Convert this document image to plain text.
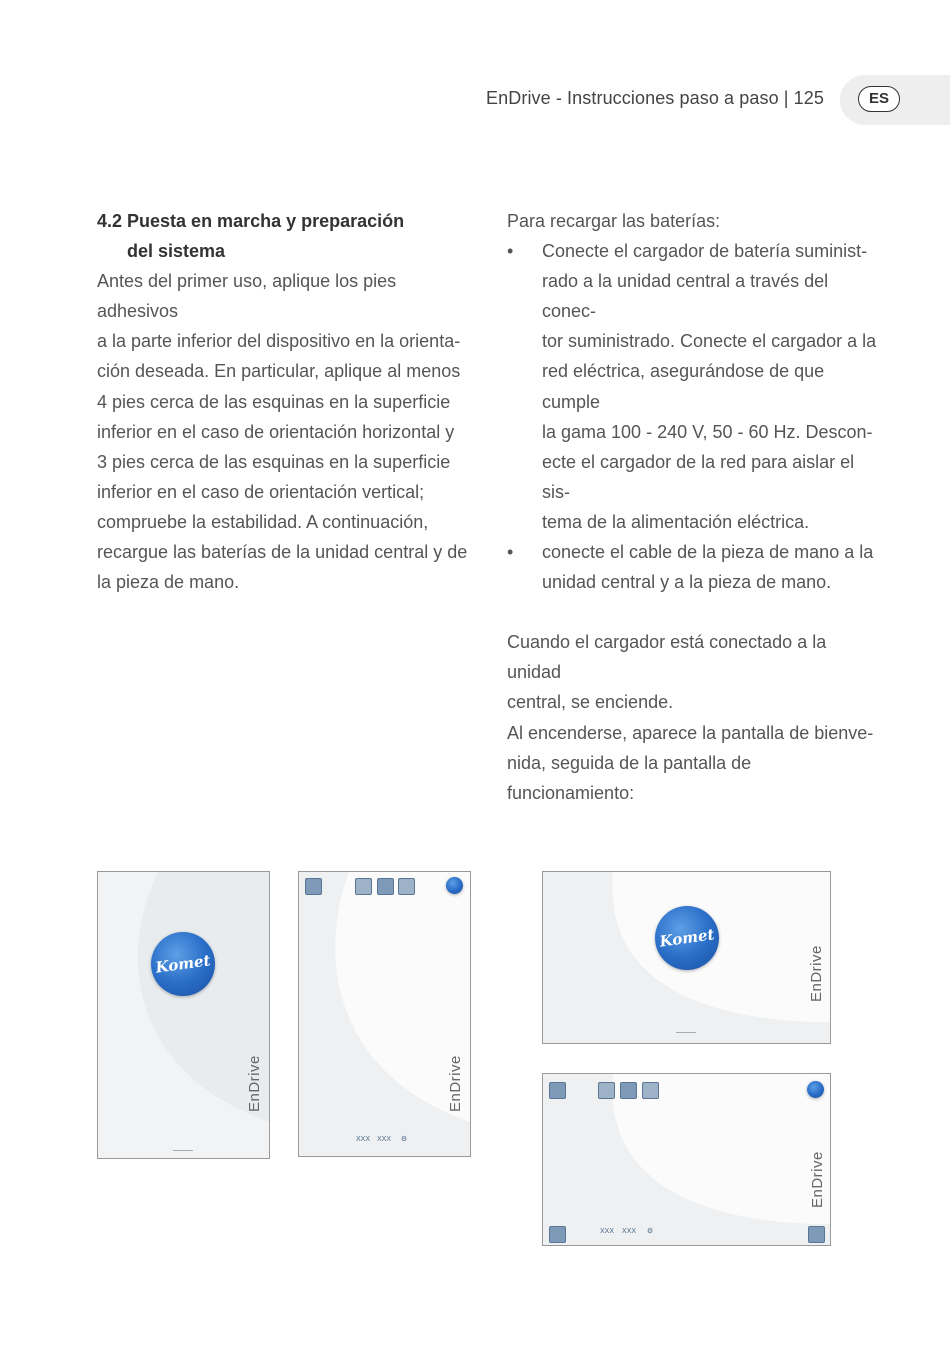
EnDrive - Instrucciones paso a paso | 125	ES
4.2 Puesta en marcha y preparación
del sistema
Antes del primer uso, aplique los pies adhesivos
a la parte inferior del dispositivo en la orienta-
ción deseada. En particular, aplique al menos
4 pies cerca de las esquinas en la superficie
inferior en el caso de orientación horizontal y
3 pies cerca de las esquinas en la superficie
inferior en el caso de orientación vertical;
compruebe la estabilidad. A continuación,
recargue las baterías de la unidad central y de
la pieza de mano.
Para recargar las baterías:
•	Conecte el cargador de batería suminist-
rado a la unidad central a través del conec-
tor suministrado. Conecte el cargador a la
red eléctrica, asegurándose de que cumple
la gama 100 - 240 V, 50 - 60 Hz. Descon-
ecte el cargador de la red para aislar el sis-
tema de la alimentación eléctrica.
•	conecte el cable de la pieza de mano a la
unidad central y a la pieza de mano.
Cuando el cargador está conectado a la unidad
central, se enciende.
Al encenderse, aparece la pantalla de bienve-
nida, seguida de la pantalla de funcionamiento:
Komet
EnDrive	EnDrive
XXX XXX	⚙
Komet
EnDrive
EnDrive
XXX XXX	⚙
